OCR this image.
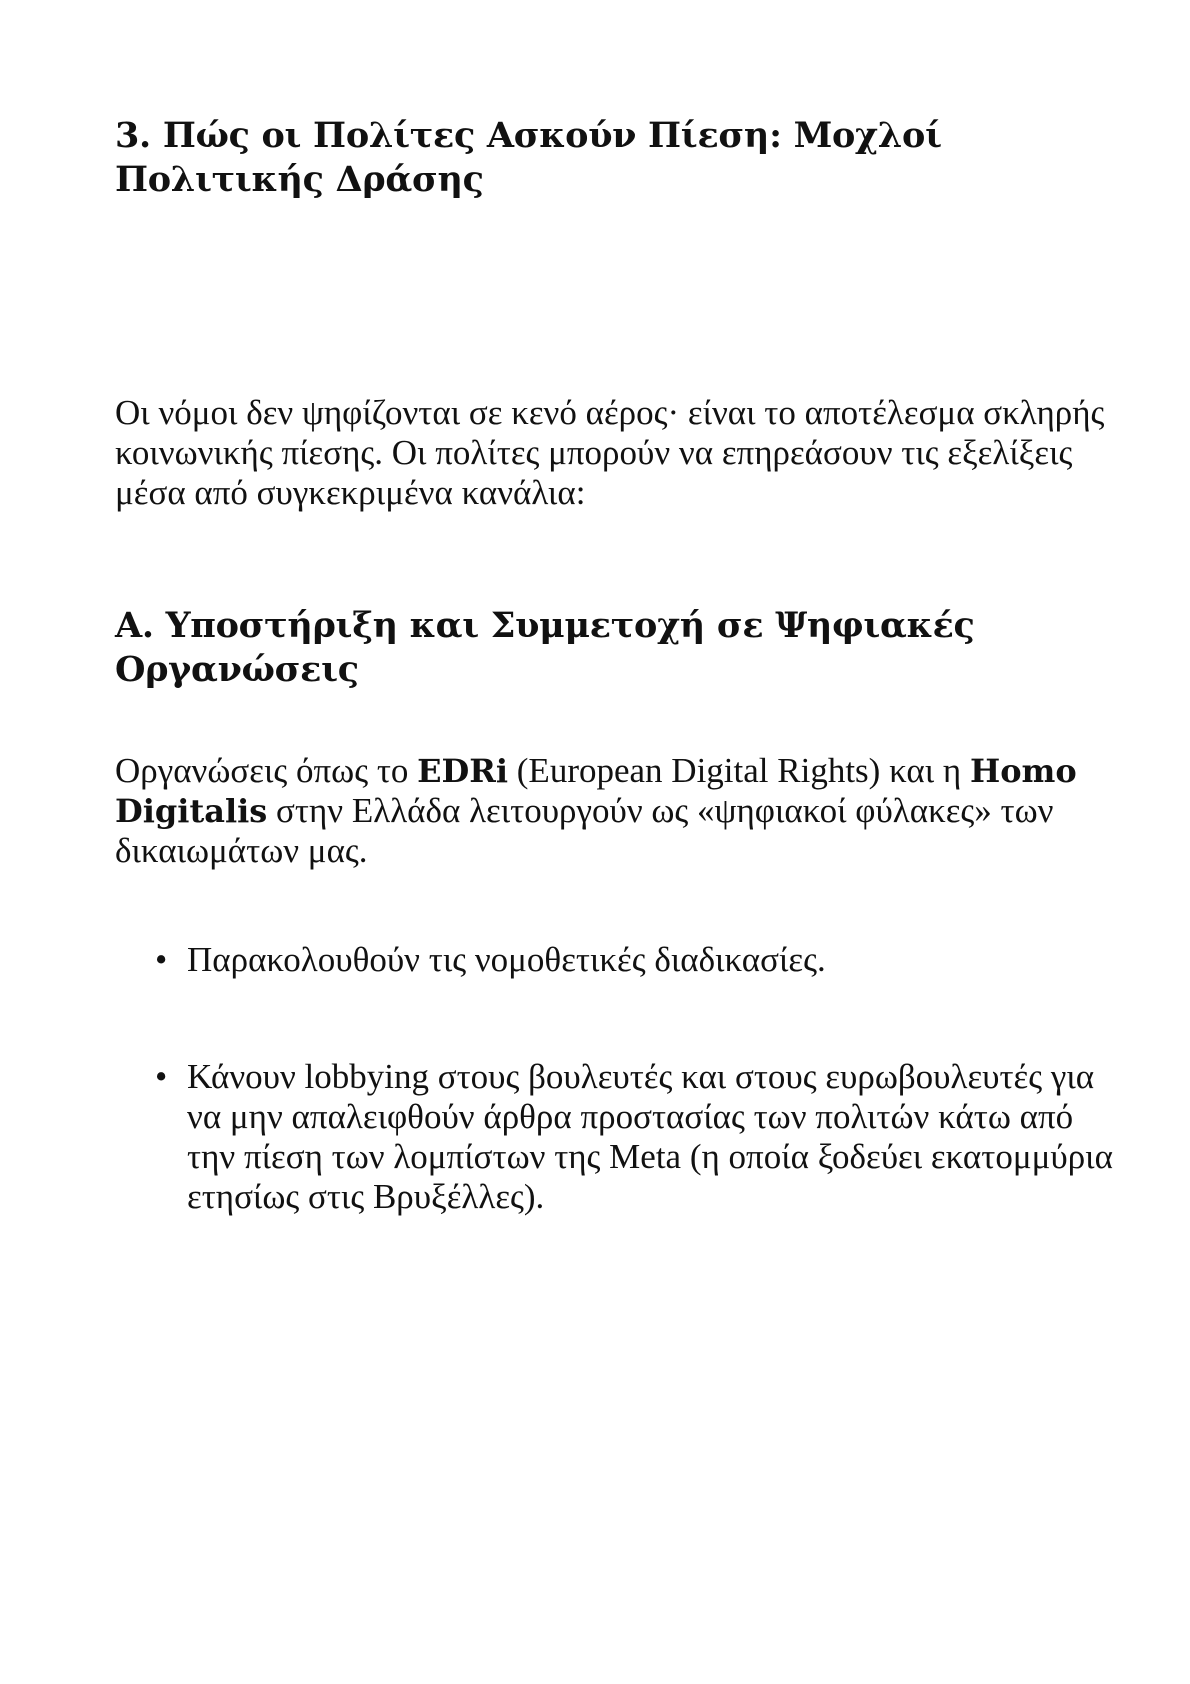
3. Πώς οι Πολίτες Ασκούν Πίεση: Μοχλοί Πολιτικής Δράσης

Οι νόμοι δεν ψηφίζονται σε κενό αέρος· είναι το αποτέλεσμα σκληρής κοινωνικής πίεσης. Οι πολίτες μπορούν να επηρεάσουν τις εξελίξεις μέσα από συγκεκριμένα κανάλια:

Α. Υποστήριξη και Συμμετοχή σε Ψηφιακές Οργανώσεις

Οργανώσεις όπως το EDRi (European Digital Rights) και η Homo Digitalis στην Ελλάδα λειτουργούν ως «ψηφιακοί φύλακες» των δικαιωμάτων μας.

• Παρακολουθούν τις νομοθετικές διαδικασίες.
• Κάνουν lobbying στους βουλευτές και στους ευρωβουλευτές για να μην απαλειφθούν άρθρα προστασίας των πολιτών κάτω από την πίεση των λομπίστων της Meta (η οποία ξοδεύει εκατομμύρια ετησίως στις Βρυξέλλες).
